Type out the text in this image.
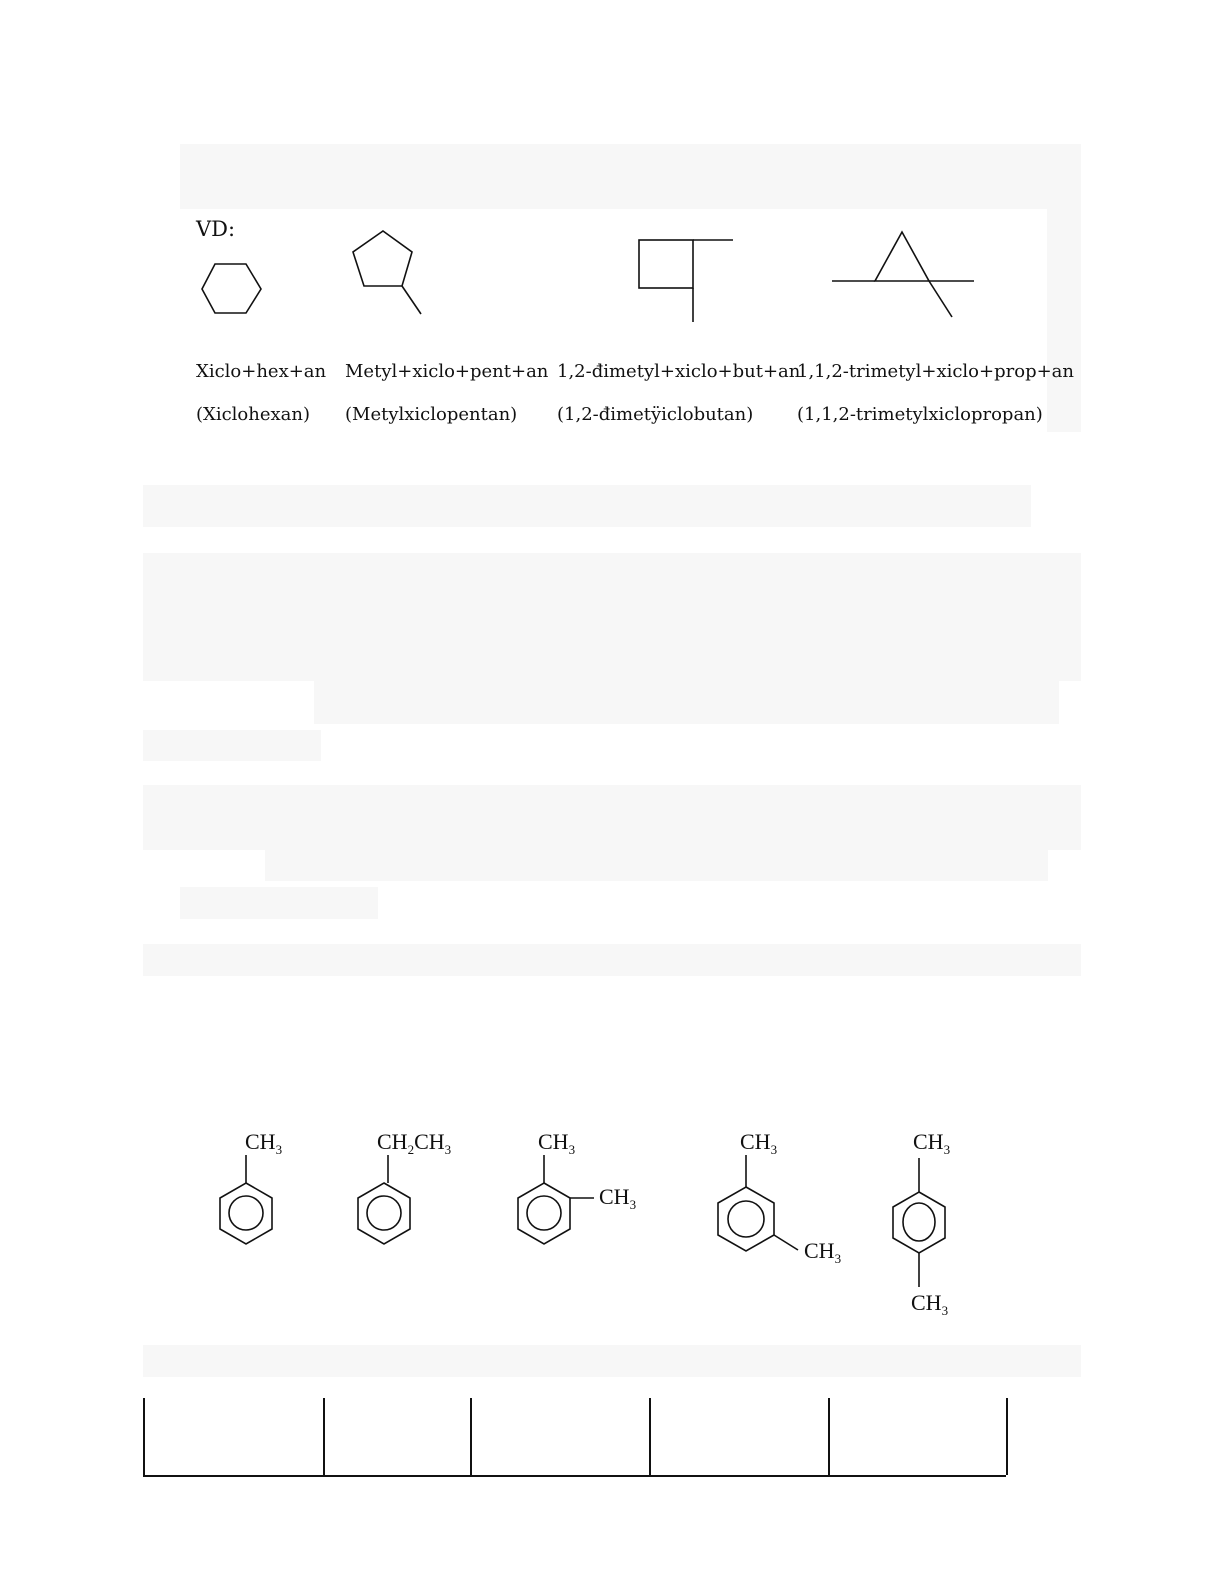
VD:
$CH_3$	$CH_2CH_3$	$CH_3$
$CH_3$
$CH_3$
$CH_3$
$CH_3$
$CH_3$
Xiclo+hex+an Metyl+xiclo+pent+an 1,2-đimetyl+xiclo+but+an
1,1,2-trimetyl+xiclo+prop+an
(Xiclohexan) (Metylxiclopentan) (1,2-đimetÿiclobutan) (1,1,2-trimetylxiclopropan)
